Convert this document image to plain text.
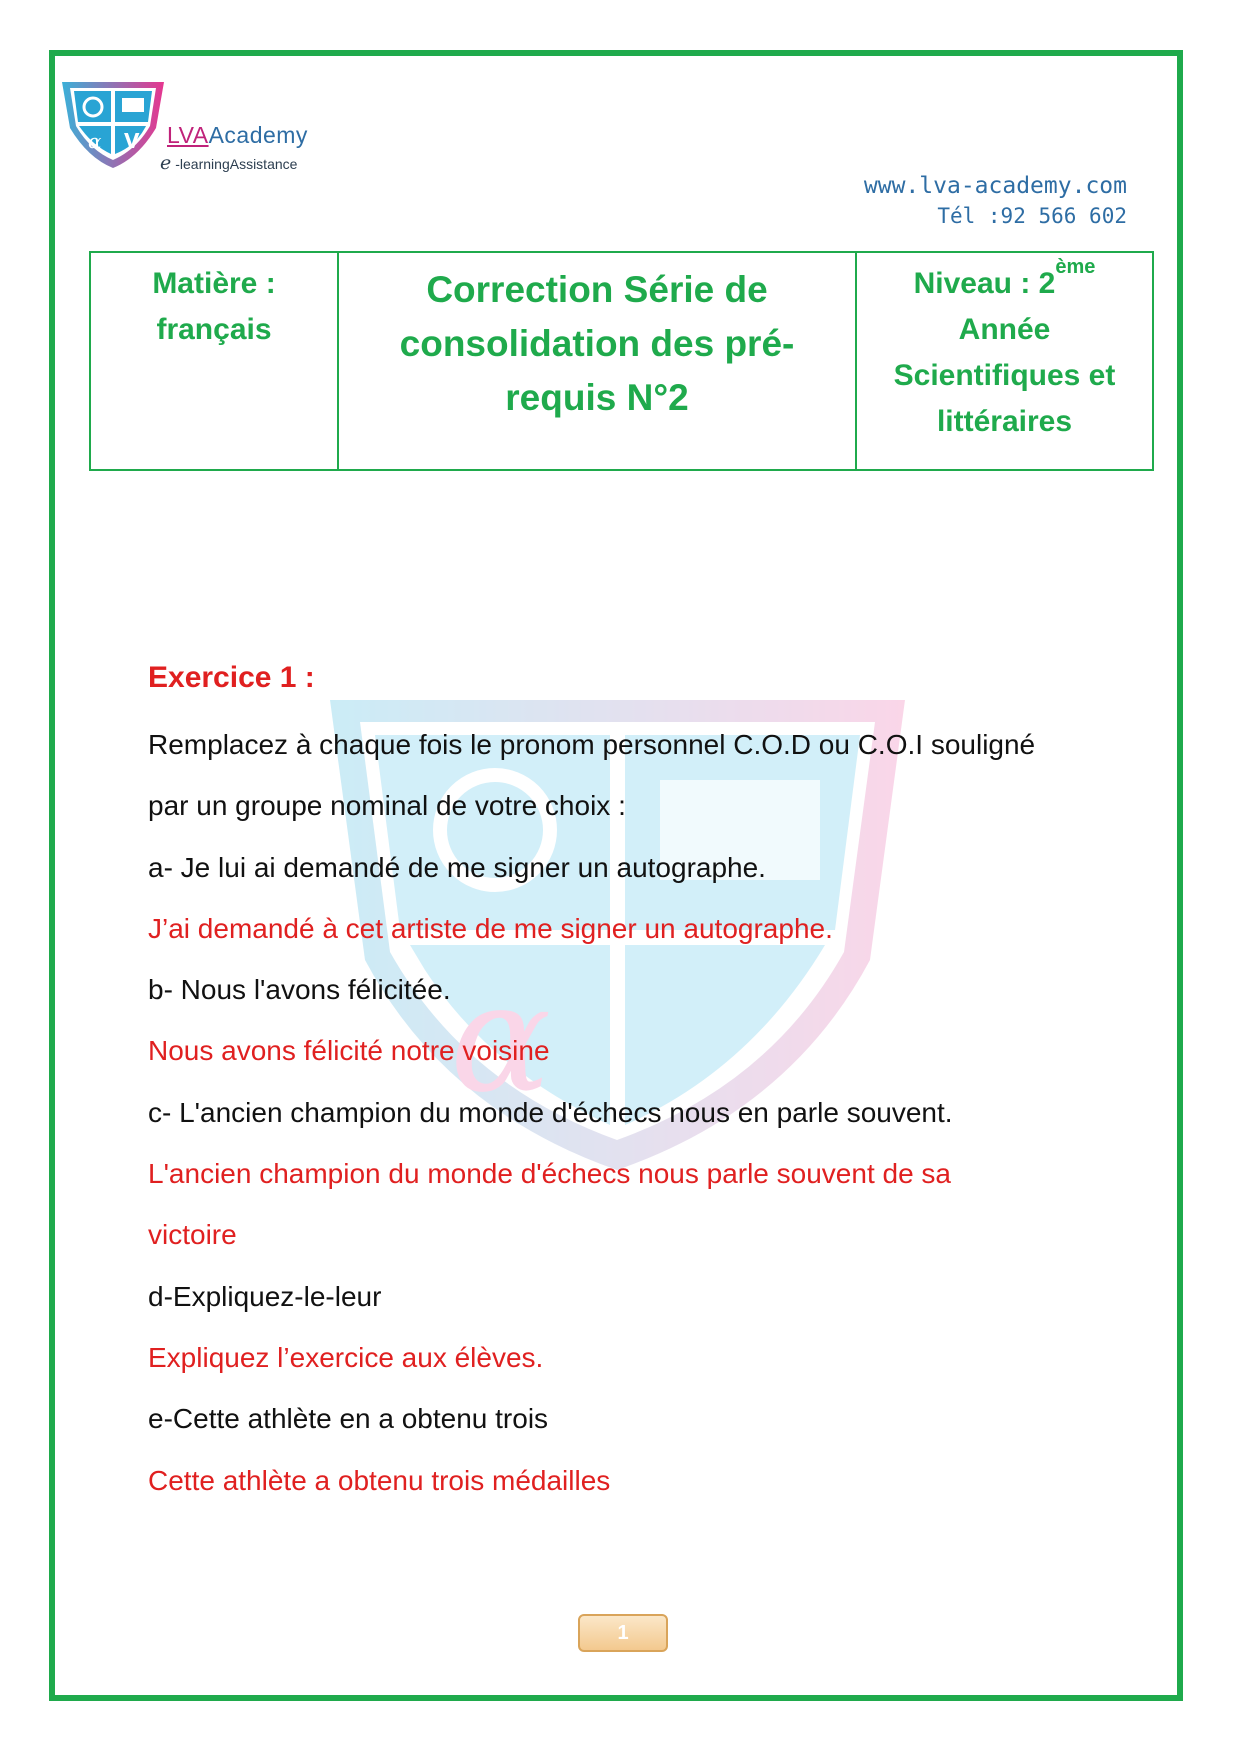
α V LVAAcademy
e -learningAssistance
www.lva-academy.com
Tél :92 566 602
Matière :
français
Correction Série de
consolidation des pré-
requis N°2
Niveau : 2ème
Année
Scientifiques et
littéraires
α
Exercice 1 :
Remplacez à chaque fois le pronom personnel C.O.D ou C.O.I souligné
par un groupe nominal de votre choix :
a- Je lui ai demandé de me signer un autographe.
J’ai demandé à cet artiste de me signer un autographe.
b- Nous l'avons félicitée.
Nous avons félicité notre voisine
c- L'ancien champion du monde d'échecs nous en parle souvent.
L'ancien champion du monde d'échecs nous parle souvent de sa
victoire
d-Expliquez-le-leur
Expliquez l’exercice aux élèves.
e-Cette athlète en a obtenu trois
Cette athlète a obtenu trois médailles
1
